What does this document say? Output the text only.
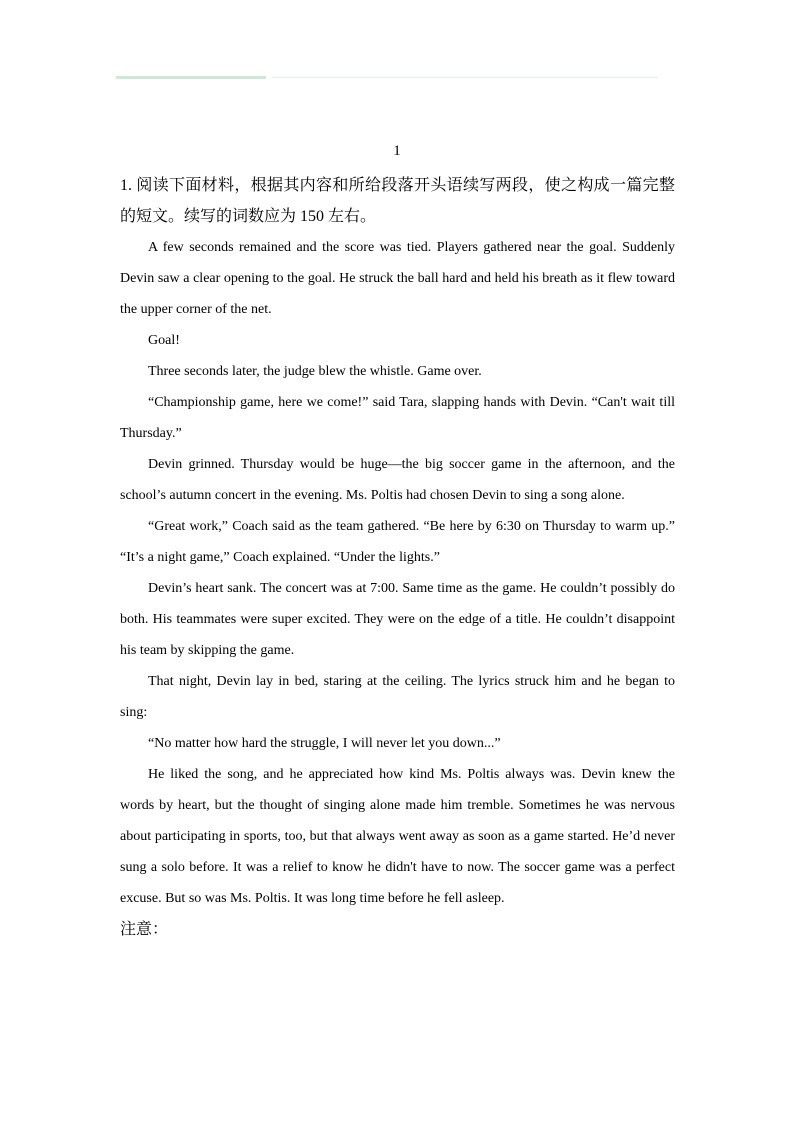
1

1. 阅读下面材料，根据其内容和所给段落开头语续写两段，使之构成一篇完整的短文。续写的词数应为 150 左右。

A few seconds remained and the score was tied. Players gathered near the goal. Suddenly Devin saw a clear opening to the goal. He struck the ball hard and held his breath as it flew toward the upper corner of the net.

Goal!

Three seconds later, the judge blew the whistle. Game over.

“Championship game, here we come!” said Tara, slapping hands with Devin. “Can't wait till Thursday.”

Devin grinned. Thursday would be huge—the big soccer game in the afternoon, and the school’s autumn concert in the evening. Ms. Poltis had chosen Devin to sing a song alone.

“Great work,” Coach said as the team gathered. “Be here by 6:30 on Thursday to warm up.” “It’s a night game,” Coach explained. “Under the lights.”

Devin’s heart sank. The concert was at 7:00. Same time as the game. He couldn’t possibly do both. His teammates were super excited. They were on the edge of a title. He couldn’t disappoint his team by skipping the game.

That night, Devin lay in bed, staring at the ceiling. The lyrics struck him and he began to sing:

“No matter how hard the struggle, I will never let you down...”

He liked the song, and he appreciated how kind Ms. Poltis always was. Devin knew the words by heart, but the thought of singing alone made him tremble. Sometimes he was nervous about participating in sports, too, but that always went away as soon as a game started. He’d never sung a solo before. It was a relief to know he didn't have to now. The soccer game was a perfect excuse. But so was Ms. Poltis. It was long time before he fell asleep.

注意：
